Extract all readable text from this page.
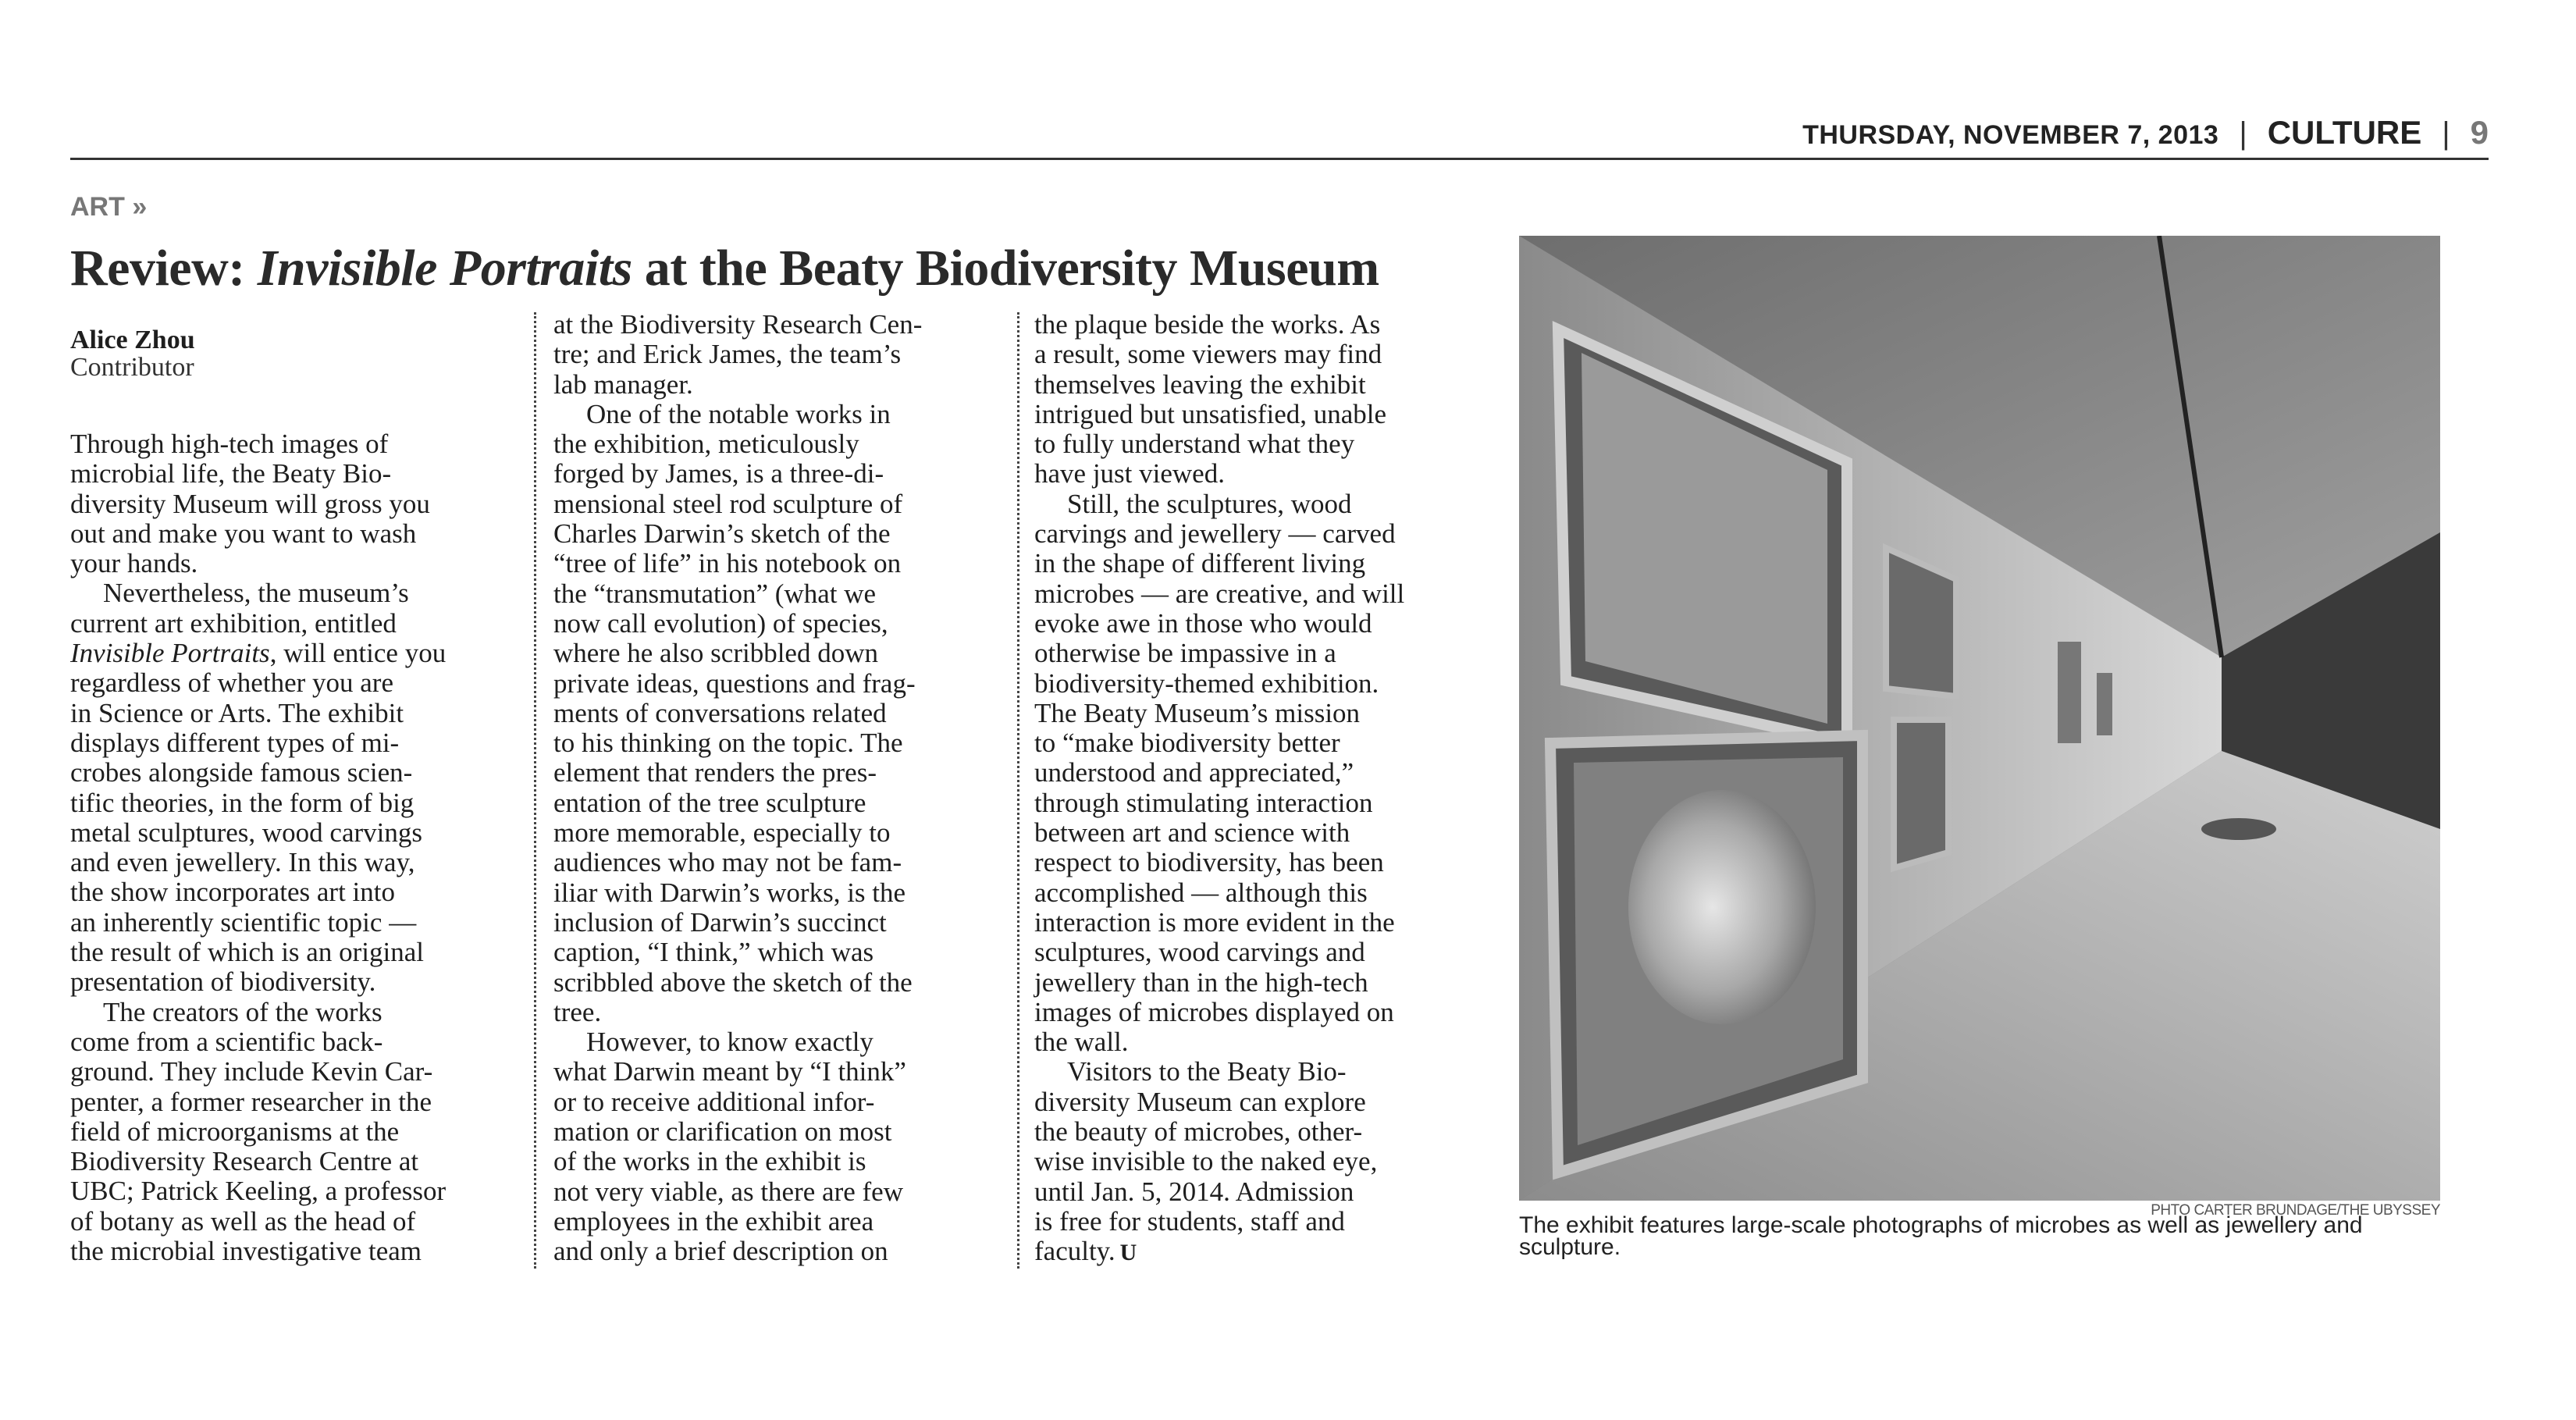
THURSDAY, NOVEMBER 7, 2013 | CULTURE | 9
ART »
Review: Invisible Portraits at the Beaty Biodiversity Museum
Alice Zhou
Contributor
Through high-tech images of
microbial life, the Beaty Bio-
diversity Museum will gross you
out and make you want to wash
your hands.
Nevertheless, the museum’s
current art exhibition, entitled
Invisible Portraits, will entice you
regardless of whether you are
in Science or Arts. The exhibit
displays different types of mi-
crobes alongside famous scien-
tific theories, in the form of big
metal sculptures, wood carvings
and even jewellery. In this way,
the show incorporates art into
an inherently scientific topic —
the result of which is an original
presentation of biodiversity.
The creators of the works
come from a scientific back-
ground. They include Kevin Car-
penter, a former researcher in the
field of microorganisms at the
Biodiversity Research Centre at
UBC; Patrick Keeling, a professor
of botany as well as the head of
the microbial investigative team
at the Biodiversity Research Cen-
tre; and Erick James, the team’s
lab manager.
One of the notable works in
the exhibition, meticulously
forged by James, is a three-di-
mensional steel rod sculpture of
Charles Darwin’s sketch of the
“tree of life” in his notebook on
the “transmutation” (what we
now call evolution) of species,
where he also scribbled down
private ideas, questions and frag-
ments of conversations related
to his thinking on the topic. The
element that renders the pres-
entation of the tree sculpture
more memorable, especially to
audiences who may not be fam-
iliar with Darwin’s works, is the
inclusion of Darwin’s succinct
caption, “I think,” which was
scribbled above the sketch of the
tree.
However, to know exactly
what Darwin meant by “I think”
or to receive additional infor-
mation or clarification on most
of the works in the exhibit is
not very viable, as there are few
employees in the exhibit area
and only a brief description on
the plaque beside the works. As
a result, some viewers may find
themselves leaving the exhibit
intrigued but unsatisfied, unable
to fully understand what they
have just viewed.
Still, the sculptures, wood
carvings and jewellery — carved
in the shape of different living
microbes — are creative, and will
evoke awe in those who would
otherwise be impassive in a
biodiversity-themed exhibition.
The Beaty Museum’s mission
to “make biodiversity better
understood and appreciated,”
through stimulating interaction
between art and science with
respect to biodiversity, has been
accomplished — although this
interaction is more evident in the
sculptures, wood carvings and
jewellery than in the high-tech
images of microbes displayed on
the wall.
Visitors to the Beaty Bio-
diversity Museum can explore
the beauty of microbes, other-
wise invisible to the naked eye,
until Jan. 5, 2014. Admission
is free for students, staff and
faculty. U
PHTO CARTER BRUNDAGE/THE UBYSSEY
The exhibit features large-scale photographs of microbes as well as jewellery and sculpture.
